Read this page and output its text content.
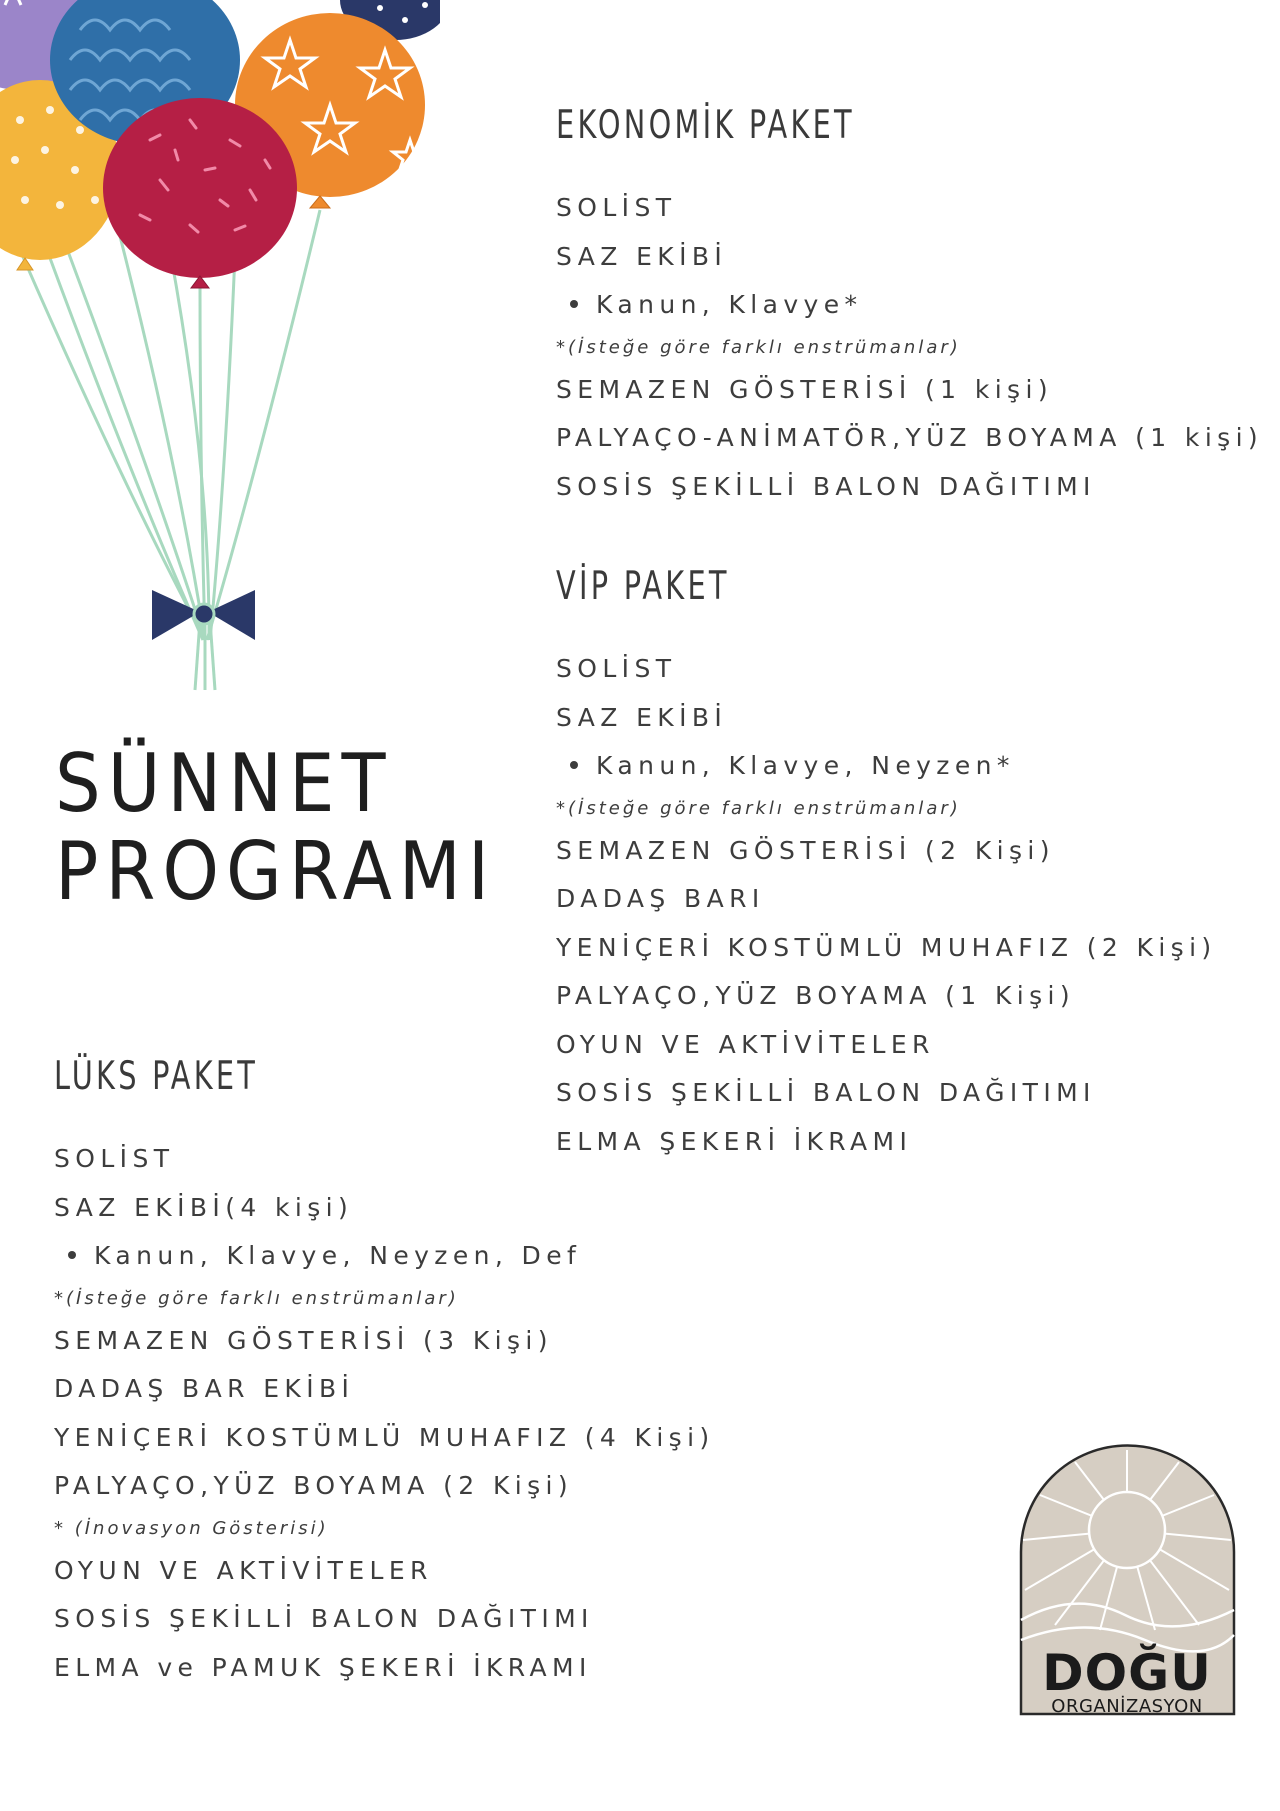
SÜNNET
PROGRAMI
EKONOMİK PAKET
SOLİST
SAZ EKİBİ
Kanun, Klavye*
*(İsteğe göre farklı enstrümanlar)
SEMAZEN GÖSTERİSİ (1 kişi)
PALYAÇO-ANİMATÖR,YÜZ BOYAMA (1 kişi)
SOSİS ŞEKİLLİ BALON DAĞITIMI
VİP PAKET
SOLİST
SAZ EKİBİ
Kanun, Klavye, Neyzen*
*(İsteğe göre farklı enstrümanlar)
SEMAZEN GÖSTERİSİ (2 Kişi)
DADAŞ BARI
YENİÇERİ KOSTÜMLÜ MUHAFIZ (2 Kişi)
PALYAÇO,YÜZ BOYAMA (1 Kişi)
OYUN VE AKTİVİTELER
SOSİS ŞEKİLLİ BALON DAĞITIMI
ELMA ŞEKERİ İKRAMI
LÜKS PAKET
SOLİST
SAZ EKİBİ(4 kişi)
Kanun, Klavye, Neyzen, Def
*(İsteğe göre farklı enstrümanlar)
SEMAZEN GÖSTERİSİ (3 Kişi)
DADAŞ BAR EKİBİ
YENİÇERİ KOSTÜMLÜ MUHAFIZ (4 Kişi)
PALYAÇO,YÜZ BOYAMA (2 Kişi)
* (İnovasyon Gösterisi)
OYUN VE AKTİVİTELER
SOSİS ŞEKİLLİ BALON DAĞITIMI
ELMA ve PAMUK ŞEKERİ İKRAMI	DOĞU
ORGANİZASYON
